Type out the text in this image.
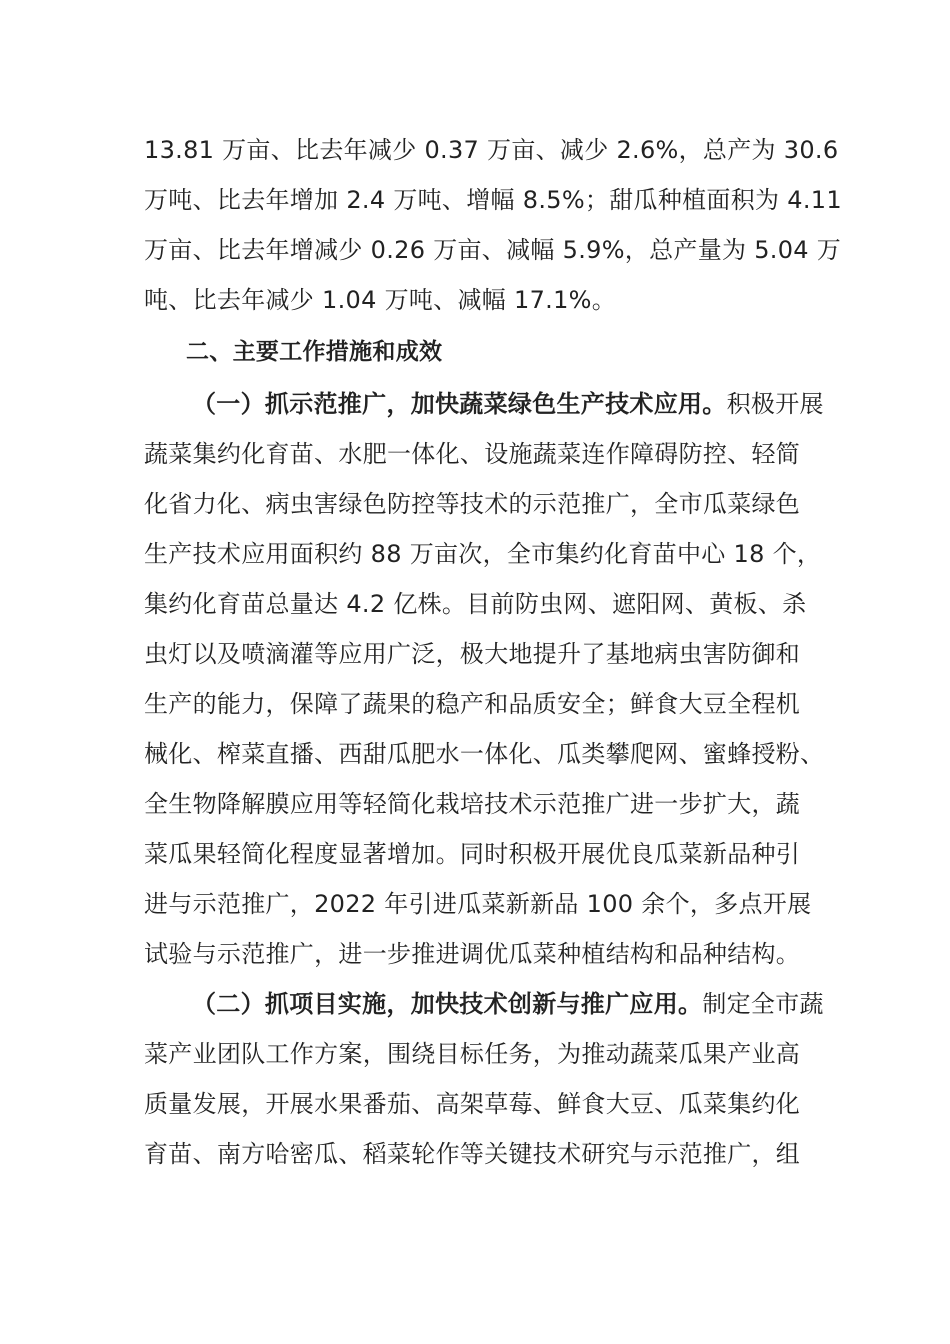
13.81 万亩、比去年减少 0.37 万亩、减少 2.6%，总产为 30.6
万吨、比去年增加 2.4 万吨、增幅 8.5%；甜瓜种植面积为 4.11
万亩、比去年增减少 0.26 万亩、减幅 5.9%，总产量为 5.04 万
吨、比去年减少 1.04 万吨、减幅 17.1%。
二、主要工作措施和成效
（一）抓示范推广，加快蔬菜绿色生产技术应用。积极开展
蔬菜集约化育苗、水肥一体化、设施蔬菜连作障碍防控、轻简
化省力化、病虫害绿色防控等技术的示范推广，全市瓜菜绿色
生产技术应用面积约 88 万亩次，全市集约化育苗中心 18 个，
集约化育苗总量达 4.2 亿株。目前防虫网、遮阳网、黄板、杀
虫灯以及喷滴灌等应用广泛，极大地提升了基地病虫害防御和
生产的能力，保障了蔬果的稳产和品质安全；鲜食大豆全程机
械化、榨菜直播、西甜瓜肥水一体化、瓜类攀爬网、蜜蜂授粉、
全生物降解膜应用等轻简化栽培技术示范推广进一步扩大，蔬
菜瓜果轻简化程度显著增加。同时积极开展优良瓜菜新品种引
进与示范推广，2022 年引进瓜菜新新品 100 余个，多点开展
试验与示范推广，进一步推进调优瓜菜种植结构和品种结构。
（二）抓项目实施，加快技术创新与推广应用。制定全市蔬
菜产业团队工作方案，围绕目标任务，为推动蔬菜瓜果产业高
质量发展，开展水果番茄、高架草莓、鲜食大豆、瓜菜集约化
育苗、南方哈密瓜、稻菜轮作等关键技术研究与示范推广，组
